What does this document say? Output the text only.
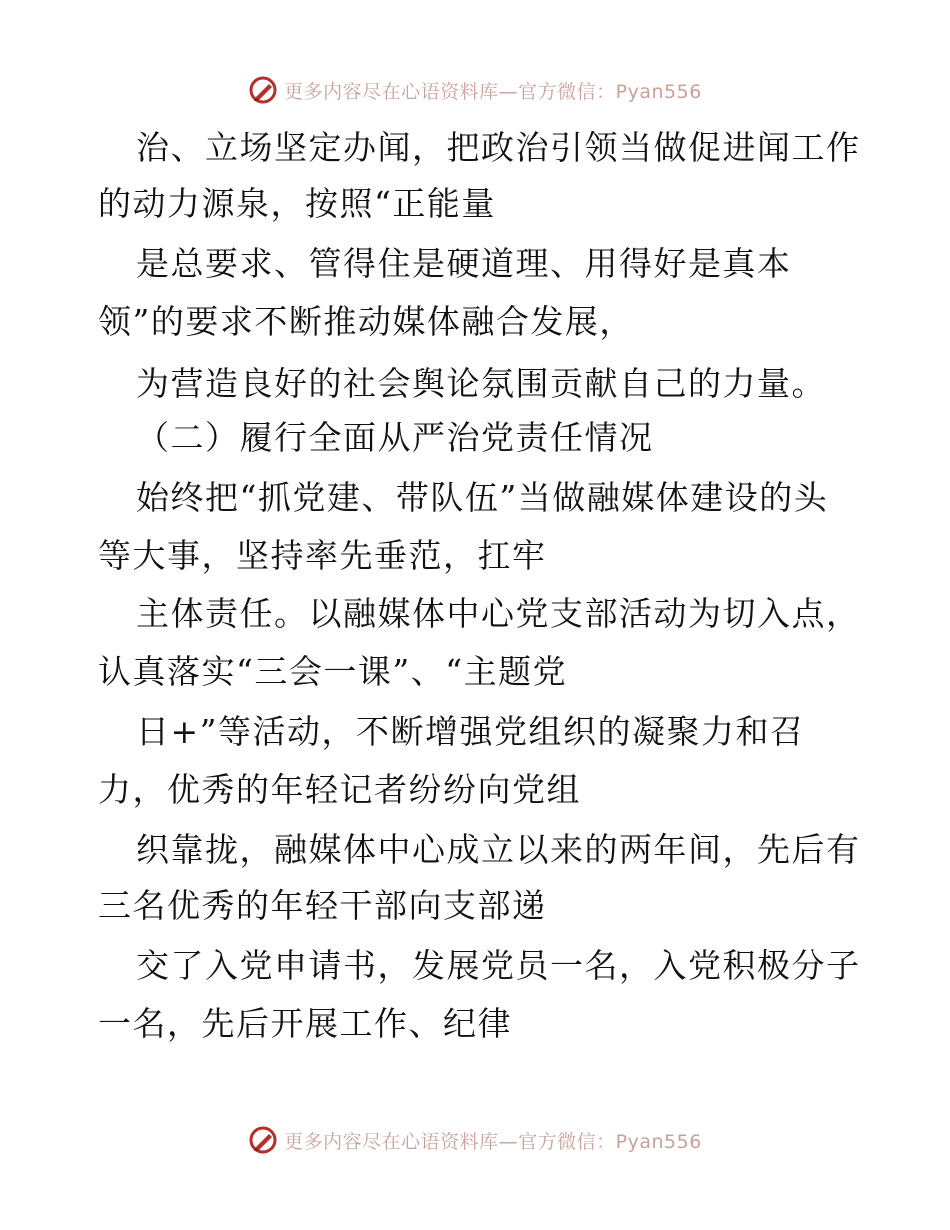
更多内容尽在心语资料库—官方微信：Pyan556
治、立场坚定办闻，把政治引领当做促进闻工作
的动力源泉，按照“正能量
是总要求、管得住是硬道理、用得好是真本
领”的要求不断推动媒体融合发展，
为营造良好的社会舆论氛围贡献自己的力量。
（二）履行全面从严治党责任情况
始终把“抓党建、带队伍”当做融媒体建设的头
等大事，坚持率先垂范，扛牢
主体责任。以融媒体中心党支部活动为切入点，
认真落实“三会一课”、“主题党
日+”等活动，不断增强党组织的凝聚力和召
力，优秀的年轻记者纷纷向党组
织靠拢，融媒体中心成立以来的两年间，先后有
三名优秀的年轻干部向支部递
交了入党申请书，发展党员一名，入党积极分子
一名，先后开展工作、纪律
更多内容尽在心语资料库—官方微信：Pyan556
